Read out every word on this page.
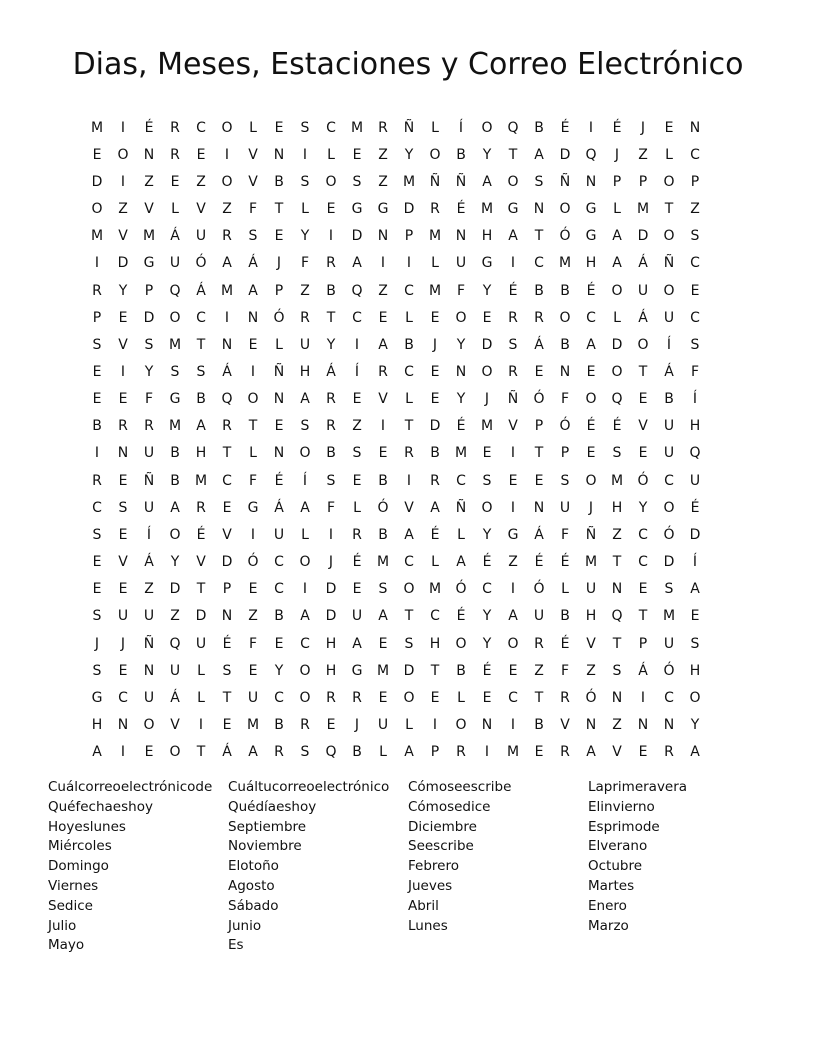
Dias, Meses, Estaciones y Correo Electrónico
M	I	É	R	C	O	L	E	S	C	M	R	Ñ	L	Í	O	Q	B	É	I	É	J	E	N
E	O	N	R	E	I	V	N	I	L	E	Z	Y	O	B	Y	T	A	D	Q	J	Z	L	C
D	I	Z	E	Z	O	V	B	S	O	S	Z	M	Ñ	Ñ	A	O	S	Ñ	N	P	P	O	P
O	Z	V	L	V	Z	F	T	L	E	G	G	D	R	É	M	G	N	O	G	L	M	T	Z
M	V	M	Á	U	R	S	E	Y	I	D	N	P	M	N	H	A	T	Ó	G	A	D	O	S
I	D	G	U	Ó	A	Á	J	F	R	A	I	I	L	U	G	I	C	M	H	A	Á	Ñ	C
R	Y	P	Q	Á	M	A	P	Z	B	Q	Z	C	M	F	Y	É	B	B	É	O	U	O	E
P	E	D	O	C	I	N	Ó	R	T	C	E	L	E	O	E	R	R	O	C	L	Á	U	C
S	V	S	M	T	N	E	L	U	Y	I	A	B	J	Y	D	S	Á	B	A	D	O	Í	S
E	I	Y	S	S	Á	I	Ñ	H	Á	Í	R	C	E	N	O	R	E	N	E	O	T	Á	F
E	E	F	G	B	Q	O	N	A	R	E	V	L	E	Y	J	Ñ	Ó	F	O	Q	E	B	Í
B	R	R	M	A	R	T	E	S	R	Z	I	T	D	É	M	V	P	Ó	É	É	V	U	H
I	N	U	B	H	T	L	N	O	B	S	E	R	B	M	E	I	T	P	E	S	E	U	Q
R	E	Ñ	B	M	C	F	É	Í	S	E	B	I	R	C	S	E	E	S	O	M	Ó	C	U
C	S	U	A	R	E	G	Á	A	F	L	Ó	V	A	Ñ	O	I	N	U	J	H	Y	O	É
S	E	Í	O	É	V	I	U	L	I	R	B	A	É	L	Y	G	Á	F	Ñ	Z	C	Ó	D
E	V	Á	Y	V	D	Ó	C	O	J	É	M	C	L	A	É	Z	É	É	M	T	C	D	Í
E	E	Z	D	T	P	E	C	I	D	E	S	O	M	Ó	C	I	Ó	L	U	N	E	S	A
S	U	U	Z	D	N	Z	B	A	D	U	A	T	C	É	Y	A	U	B	H	Q	T	M	E
J	J	Ñ	Q	U	É	F	E	C	H	A	E	S	H	O	Y	O	R	É	V	T	P	U	S
S	E	N	U	L	S	E	Y	O	H	G	M	D	T	B	É	E	Z	F	Z	S	Á	Ó	H
G	C	U	Á	L	T	U	C	O	R	R	E	O	E	L	E	C	T	R	Ó	N	I	C	O
H	N	O	V	I	E	M	B	R	E	J	U	L	I	O	N	I	B	V	N	Z	N	N	Y
A	I	E	O	T	Á	A	R	S	Q	B	L	A	P	R	I	M	E	R	A	V	E	R	A
Cuálcorreoelectrónicode
Quéfechaeshoy
Hoyeslunes
Miércoles
Domingo
Viernes
Sedice
Julio
Mayo
Cuáltucorreoelectrónico
Quédíaeshoy
Septiembre
Noviembre
Elotoño
Agosto
Sábado
Junio
Es
Cómoseescribe
Cómosedice
Diciembre
Seescribe
Febrero
Jueves
Abril
Lunes
Laprimeravera
Elinvierno
Esprimode
Elverano
Octubre
Martes
Enero
Marzo
